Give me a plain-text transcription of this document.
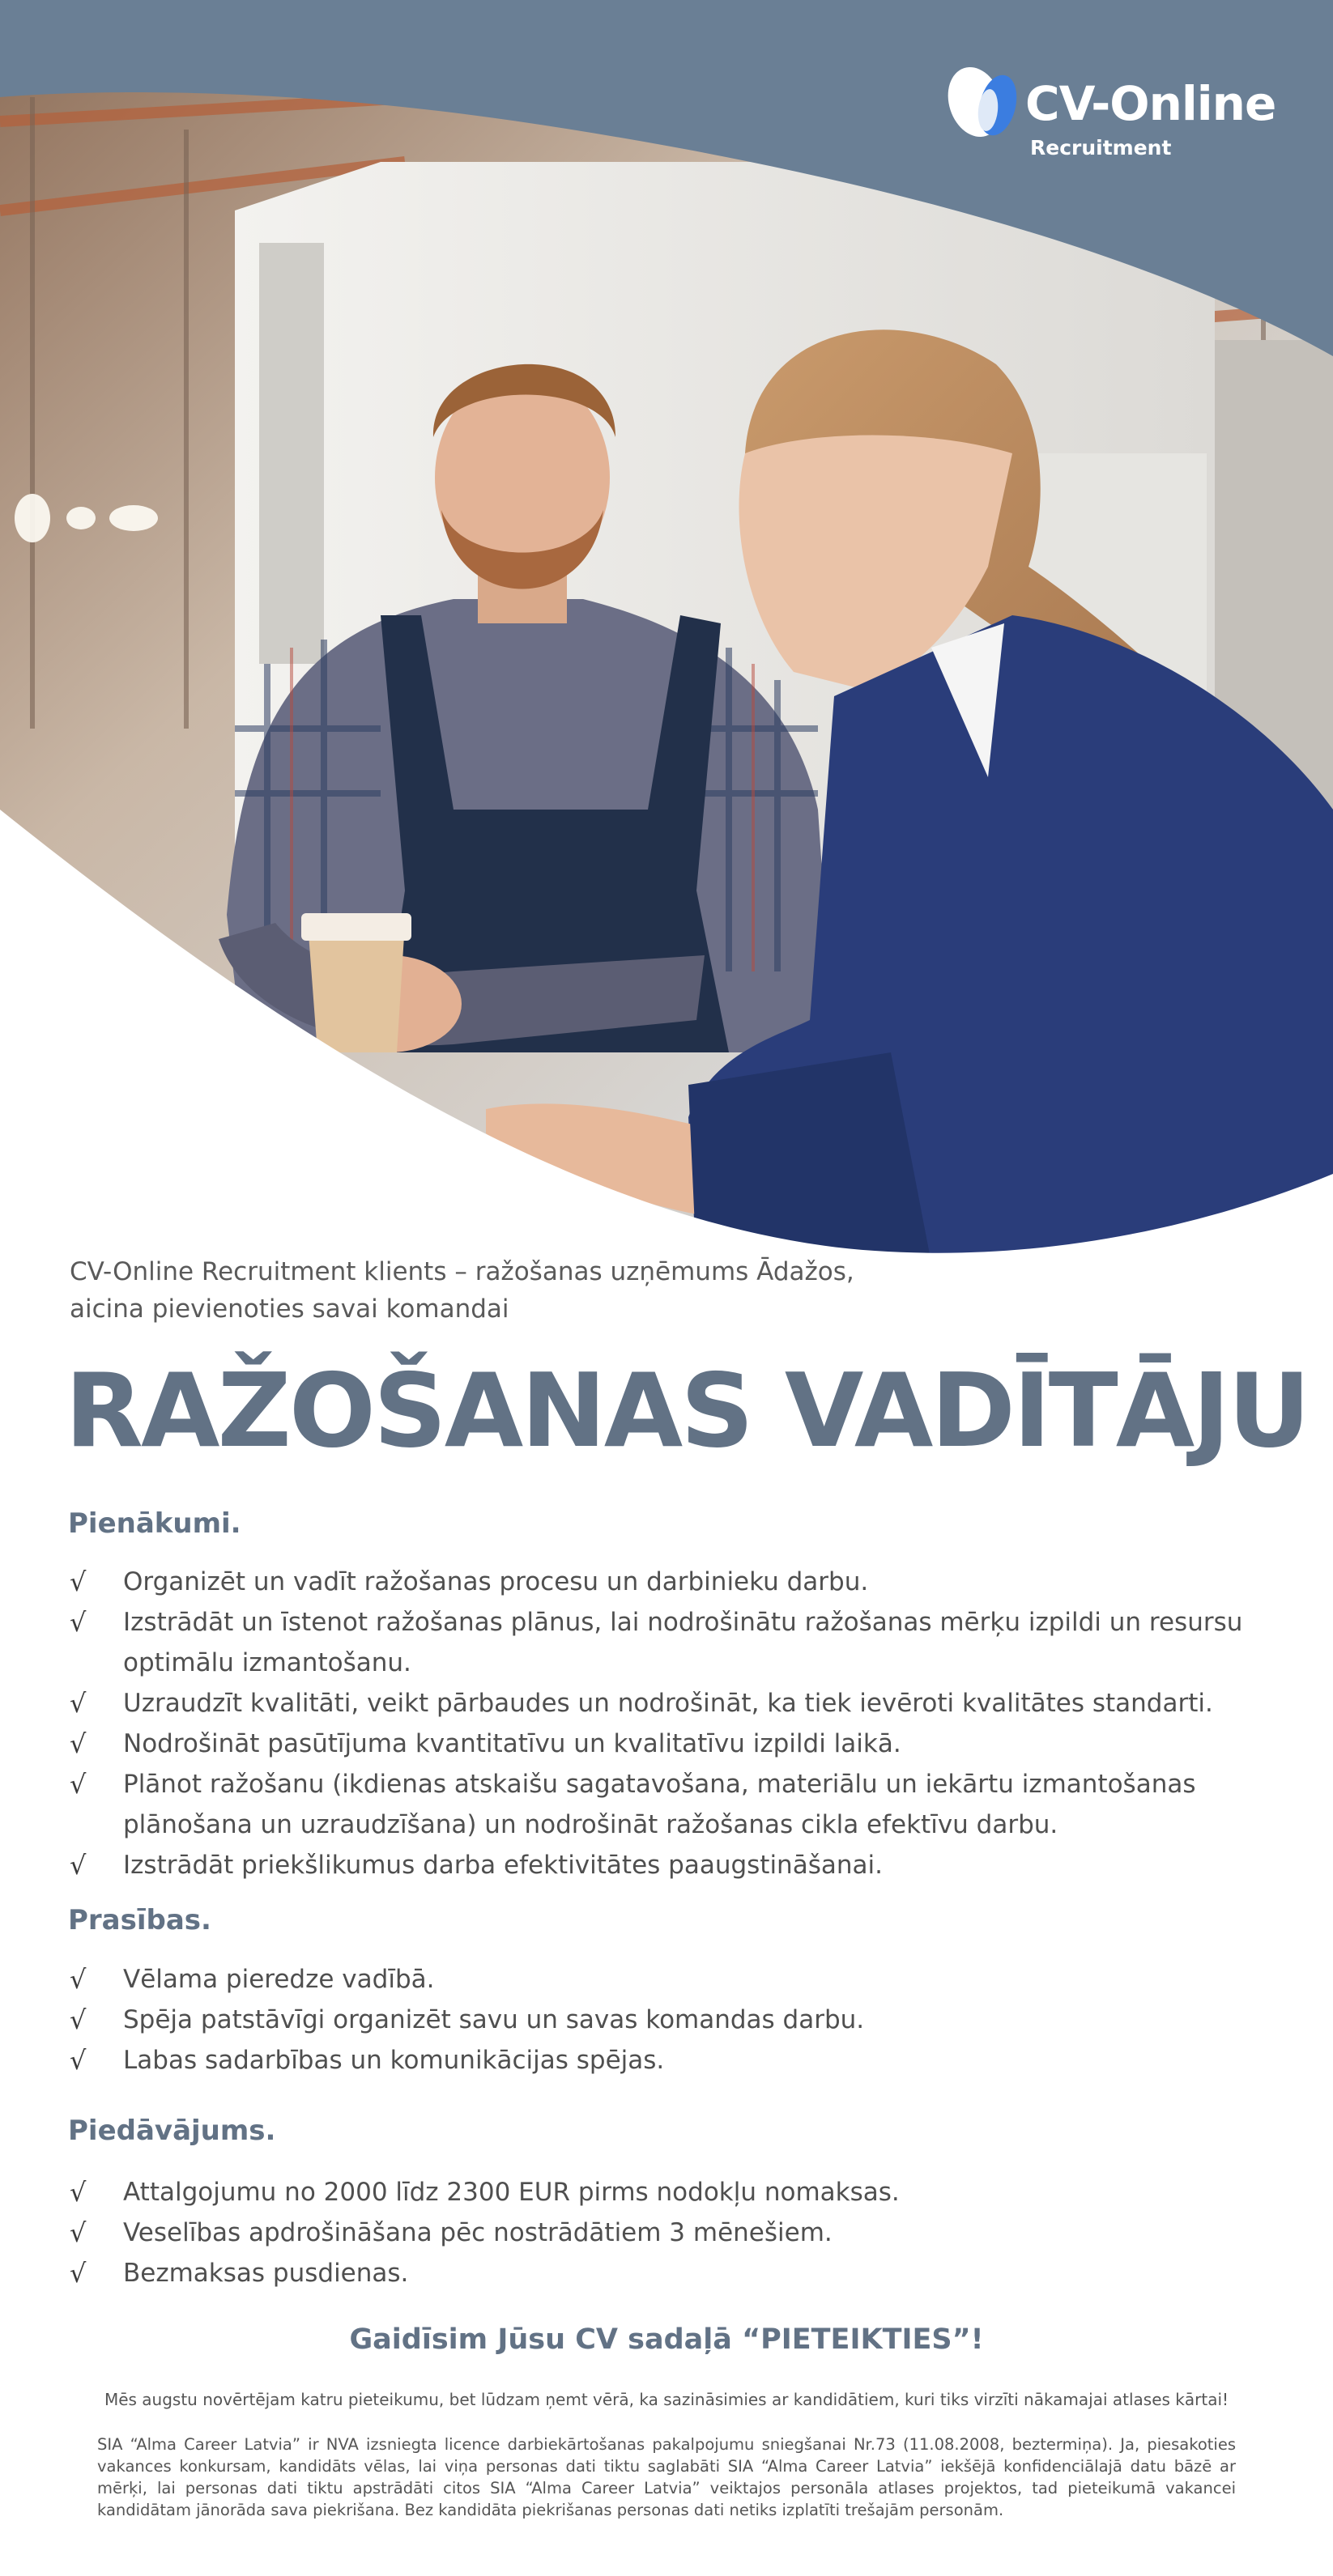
CV-Online
Recruitment
CV-Online Recruitment klients – ražošanas uzņēmums Ādažos,
aicina pievienoties savai komandai
RAŽOŠANAS VADĪTĀJU
Pienākumi.
√	Organizēt un vadīt ražošanas procesu un darbinieku darbu.
√	Izstrādāt un īstenot ražošanas plānus, lai nodrošinātu ražošanas mērķu izpildi un resursu optimālu izmantošanu.
√	Uzraudzīt kvalitāti, veikt pārbaudes un nodrošināt, ka tiek ievēroti kvalitātes standarti.
√	Nodrošināt pasūtījuma kvantitatīvu un kvalitatīvu izpildi laikā.
√	Plānot ražošanu (ikdienas atskaišu sagatavošana, materiālu un iekārtu izmantošanas plānošana un uzraudzīšana) un nodrošināt ražošanas cikla efektīvu darbu.
√	Izstrādāt priekšlikumus darba efektivitātes paaugstināšanai.
Prasības.
√	Vēlama pieredze vadībā.
√	Spēja patstāvīgi organizēt savu un savas komandas darbu.
√	Labas sadarbības un komunikācijas spējas.
Piedāvājums.
√	Attalgojumu no 2000 līdz 2300 EUR pirms nodokļu nomaksas.
√	Veselības apdrošināšana pēc nostrādātiem 3 mēnešiem.
√	Bezmaksas pusdienas.
Gaidīsim Jūsu CV sadaļā “PIETEIKTIES”!
Mēs augstu novērtējam katru pieteikumu, bet lūdzam ņemt vērā, ka sazināsimies ar kandidātiem, kuri tiks virzīti nākamajai atlases kārtai!
SIA “Alma Career Latvia” ir NVA izsniegta licence darbiekārtošanas pakalpojumu sniegšanai Nr.73 (11.08.2008, beztermiņa). Ja, piesakoties vakances konkursam, kandidāts vēlas, lai viņa personas dati tiktu saglabāti SIA “Alma Career Latvia” iekšējā konfidenciālajā datu bāzē ar mērķi, lai personas dati tiktu apstrādāti citos SIA “Alma Career Latvia” veiktajos personāla atlases projektos, tad pieteikumā vakancei kandidātam jānorāda sava piekrišana. Bez kandidāta piekrišanas personas dati netiks izplatīti trešajām personām.
